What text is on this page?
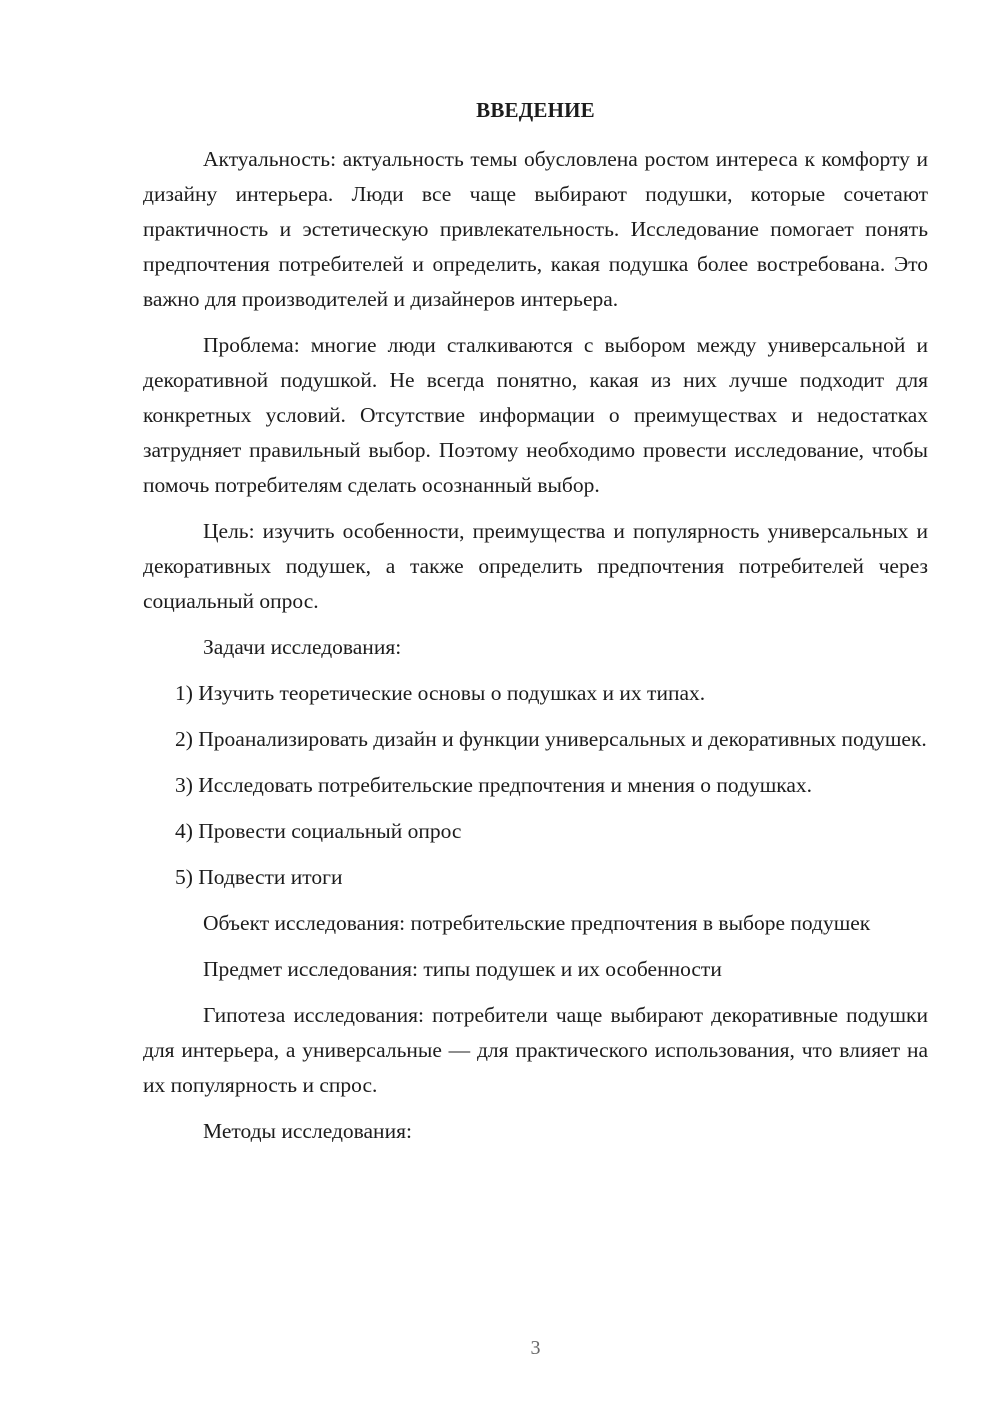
ВВЕДЕНИЕ

Актуальность: актуальность темы обусловлена ростом интереса к комфорту и дизайну интерьера. Люди все чаще выбирают подушки, которые сочетают практичность и эстетическую привлекательность. Исследование помогает понять предпочтения потребителей и определить, какая подушка более востребована. Это важно для производителей и дизайнеров интерьера.

Проблема: многие люди сталкиваются с выбором между универсальной и декоративной подушкой. Не всегда понятно, какая из них лучше подходит для конкретных условий. Отсутствие информации о преимуществах и недостатках затрудняет правильный выбор. Поэтому необходимо провести исследование, чтобы помочь потребителям сделать осознанный выбор.

Цель: изучить особенности, преимущества и популярность универсальных и декоративных подушек, а также определить предпочтения потребителей через социальный опрос.

Задачи исследования:

1) Изучить теоретические основы о подушках и их типах.

2) Проанализировать дизайн и функции универсальных и декоративных подушек.

3) Исследовать потребительские предпочтения и мнения о подушках.

4) Провести социальный опрос

5) Подвести итоги

Объект исследования: потребительские предпочтения в выборе подушек

Предмет исследования: типы подушек и их особенности

Гипотеза исследования: потребители чаще выбирают декоративные подушки для интерьера, а универсальные — для практического использования, что влияет на их популярность и спрос.

Методы исследования:

3
